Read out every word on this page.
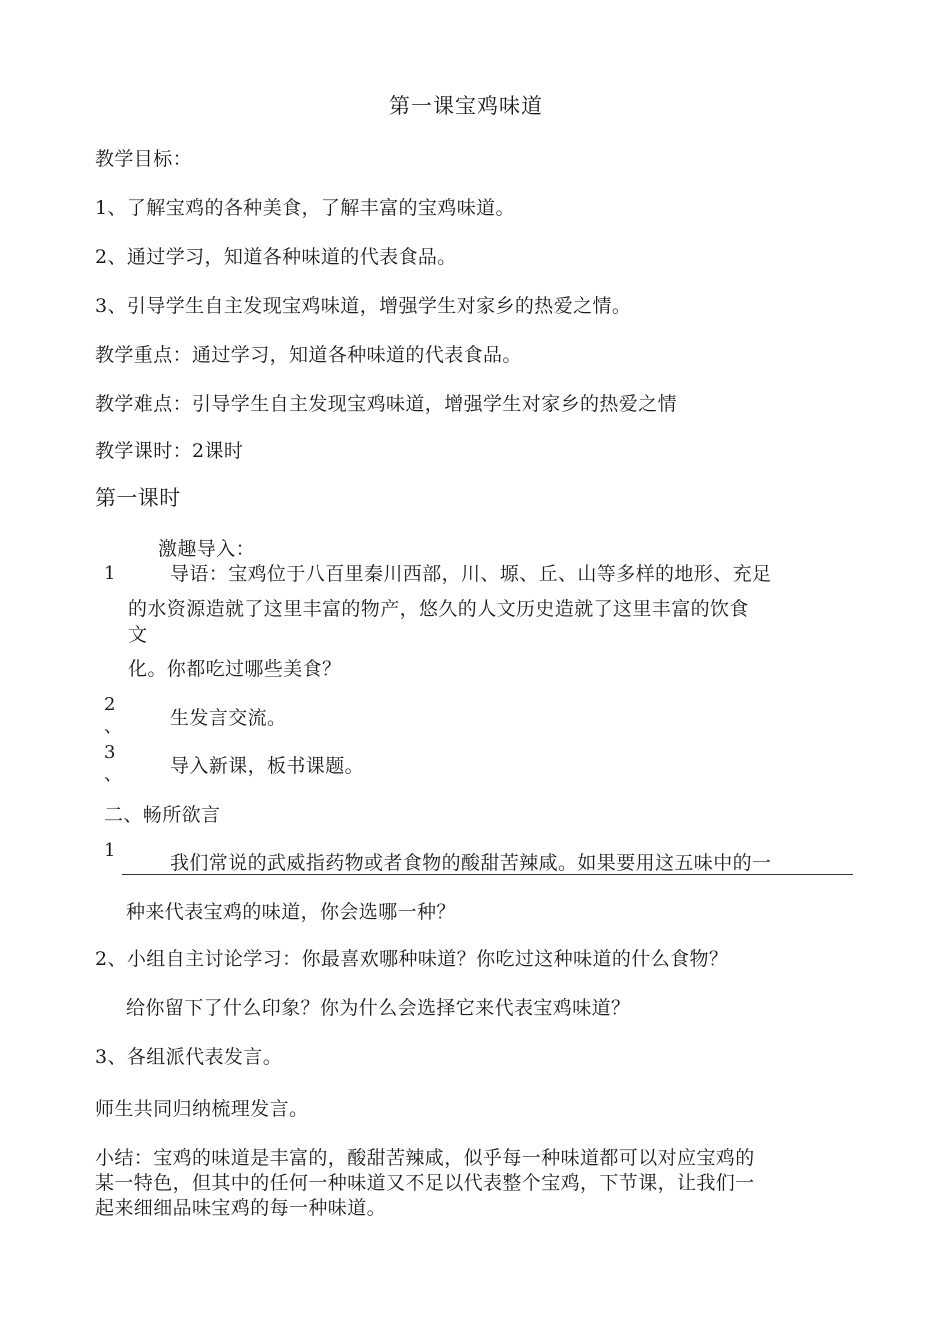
第一课宝鸡味道
教学目标：
1、了解宝鸡的各种美食，了解丰富的宝鸡味道。
2、通过学习，知道各种味道的代表食品。
3、引导学生自主发现宝鸡味道，增强学生对家乡的热爱之情。
教学重点：通过学习，知道各种味道的代表食品。
教学难点：引导学生自主发现宝鸡味道，增强学生对家乡的热爱之情
教学课时：2课时
第一课时
激趣导入：
1	导语：宝鸡位于八百里秦川西部，川、塬、丘、山等多样的地形、充足
的水资源造就了这里丰富的物产，悠久的人文历史造就了这里丰富的饮食
文
化。你都吃过哪些美食？
2
、	生发言交流。
3
、	导入新课，板书课题。
二、畅所欲言
1
我们常说的武威指药物或者食物的酸甜苦辣咸。如果要用这五味中的一
种来代表宝鸡的味道，你会选哪一种？
2、小组自主讨论学习：你最喜欢哪种味道？你吃过这种味道的什么食物？
给你留下了什么印象？你为什么会选择它来代表宝鸡味道？
3、各组派代表发言。
师生共同归纳梳理发言。
小结：宝鸡的味道是丰富的，酸甜苦辣咸，似乎每一种味道都可以对应宝鸡的
某一特色，但其中的任何一种味道又不足以代表整个宝鸡，下节课，让我们一
起来细细品味宝鸡的每一种味道。
